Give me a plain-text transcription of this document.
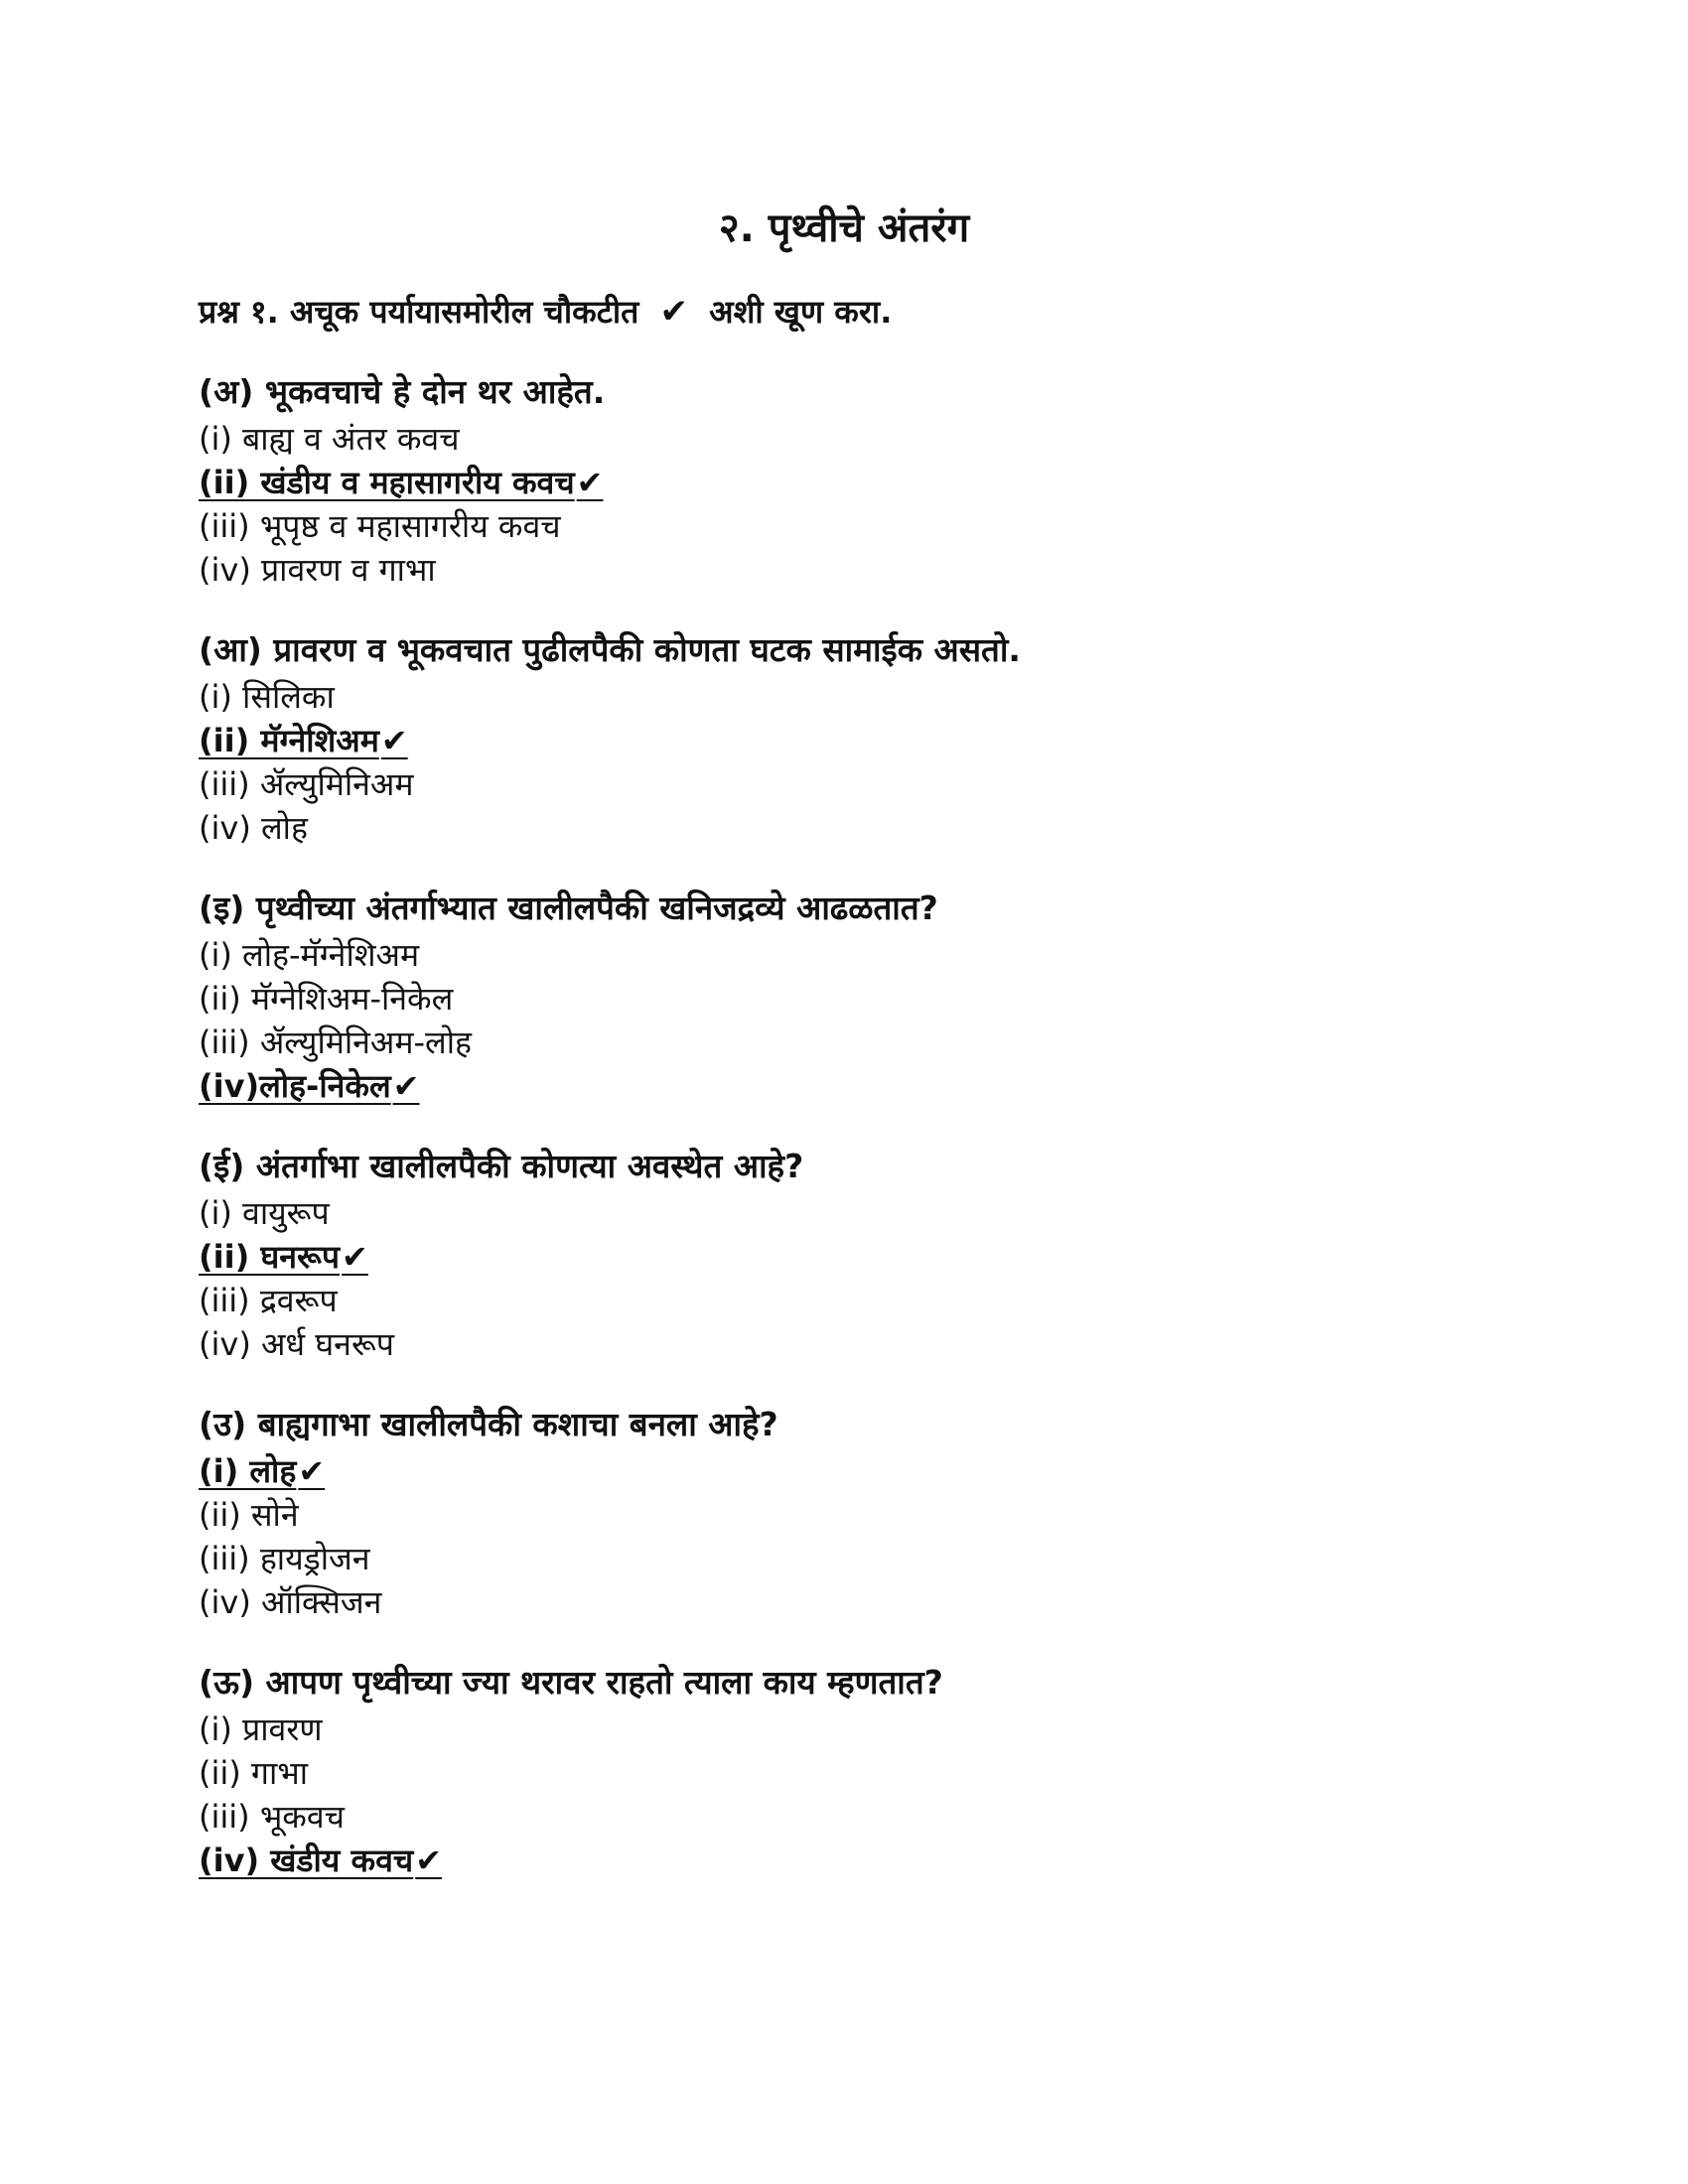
२. पृथ्वीचे अंतरंग
प्रश्न १. अचूक पर्यायासमोरील चौकटीत ✔ अशी खूण करा.
(अ) भूकवचाचे हे दोन थर आहेत.
(i) बाह्य व अंतर कवच
(ii) खंडीय व महासागरीय कवच✔
(iii) भूपृष्ठ व महासागरीय कवच
(iv) प्रावरण व गाभा
(आ) प्रावरण व भूकवचात पुढीलपैकी कोणता घटक सामाईक असतो.
(i) सिलिका
(ii) मॅग्नेशिअम✔
(iii) ॲल्युमिनिअम
(iv) लोह
(इ) पृथ्वीच्या अंतर्गाभ्यात खालीलपैकी खनिजद्रव्ये आढळतात?
(i) लोह-मॅग्नेशिअम
(ii) मॅग्नेशिअम-निकेल
(iii) ॲल्युमिनिअम-लोह
(iv)लोह-निकेल✔
(ई) अंतर्गाभा खालीलपैकी कोणत्या अवस्थेत आहे?
(i) वायुरूप
(ii) घनरूप✔
(iii) द्रवरूप
(iv) अर्ध घनरूप
(उ) बाह्यगाभा खालीलपैकी कशाचा बनला आहे?
(i) लोह✔
(ii) सोने
(iii) हायड्रोजन
(iv) ऑक्सिजन
(ऊ) आपण पृथ्वीच्या ज्या थरावर राहतो त्याला काय म्हणतात?
(i) प्रावरण
(ii) गाभा
(iii) भूकवच
(iv) खंडीय कवच✔
